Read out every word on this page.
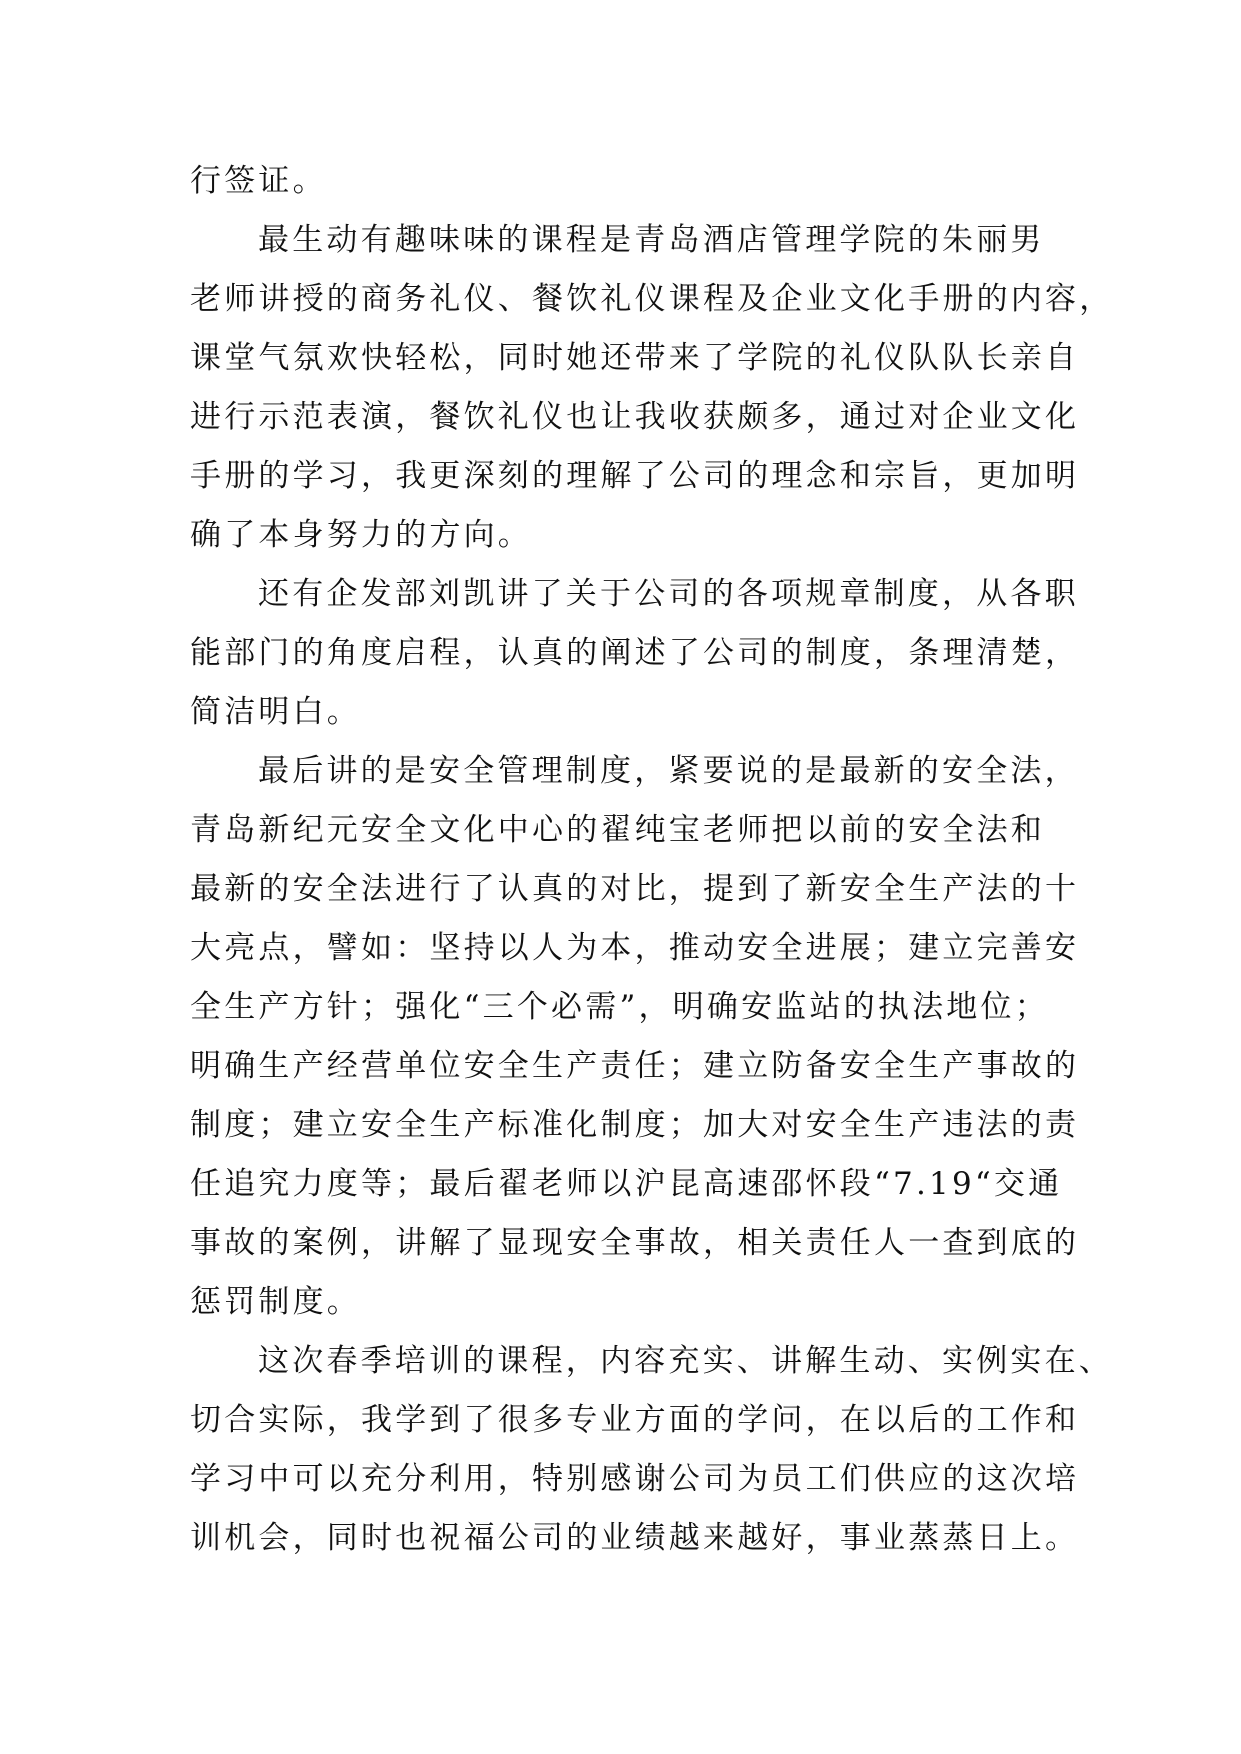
行签证。
最生动有趣味味的课程是青岛酒店管理学院的朱丽男
老师讲授的商务礼仪、餐饮礼仪课程及企业文化手册的内容，
课堂气氛欢快轻松，同时她还带来了学院的礼仪队队长亲自
进行示范表演，餐饮礼仪也让我收获颇多，通过对企业文化
手册的学习，我更深刻的理解了公司的理念和宗旨，更加明
确了本身努力的方向。
还有企发部刘凯讲了关于公司的各项规章制度，从各职
能部门的角度启程，认真的阐述了公司的制度，条理清楚，
简洁明白。
最后讲的是安全管理制度，紧要说的是最新的安全法，
青岛新纪元安全文化中心的翟纯宝老师把以前的安全法和
最新的安全法进行了认真的对比，提到了新安全生产法的十
大亮点，譬如：坚持以人为本，推动安全进展；建立完善安
全生产方针；强化“三个必需”，明确安监站的执法地位；
明确生产经营单位安全生产责任；建立防备安全生产事故的
制度；建立安全生产标准化制度；加大对安全生产违法的责
任追究力度等；最后翟老师以沪昆高速邵怀段“7.19“交通
事故的案例，讲解了显现安全事故，相关责任人一查到底的
惩罚制度。
这次春季培训的课程，内容充实、讲解生动、实例实在、
切合实际，我学到了很多专业方面的学问，在以后的工作和
学习中可以充分利用，特别感谢公司为员工们供应的这次培
训机会，同时也祝福公司的业绩越来越好，事业蒸蒸日上。
